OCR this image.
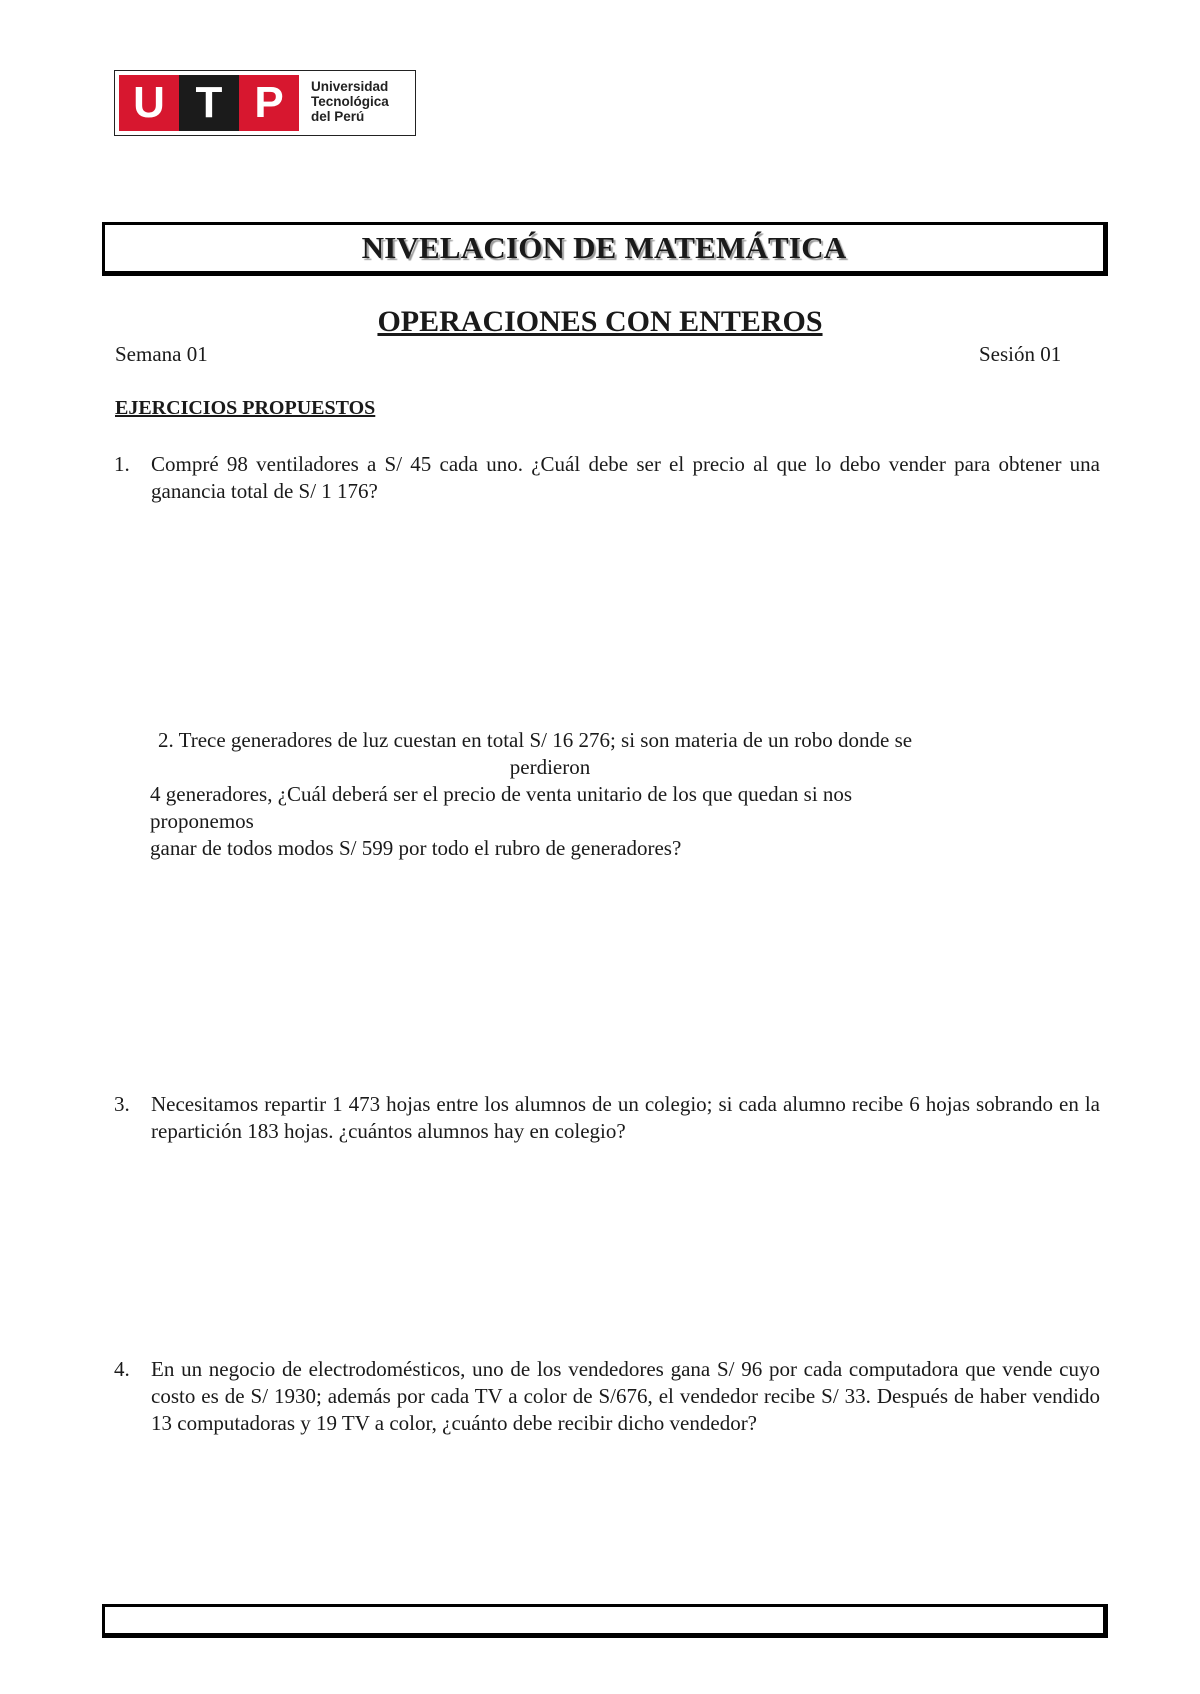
U T P	Universidad
Tecnológica
del Perú
NIVELACIÓN DE MATEMÁTICA
OPERACIONES CON ENTEROS
Semana 01	Sesión 01
EJERCICIOS PROPUESTOS
1. Compré 98 ventiladores a S/ 45 cada uno. ¿Cuál debe ser el precio al que lo debo vender para obtener una ganancia total de S/ 1 176?
2. Trece generadores de luz cuestan en total S/ 16 276; si son materia de un robo donde se
perdieron
4 generadores, ¿Cuál deberá ser el precio de venta unitario de los que quedan si nos
proponemos
ganar de todos modos S/ 599 por todo el rubro de generadores?
3. Necesitamos repartir 1 473 hojas entre los alumnos de un colegio; si cada alumno recibe 6 hojas sobrando en la repartición 183 hojas. ¿cuántos alumnos hay en colegio?
4. En un negocio de electrodomésticos, uno de los vendedores gana S/ 96 por cada computadora que vende cuyo costo es de S/ 1930; además por cada TV a color de S/676, el vendedor recibe S/ 33. Después de haber vendido 13 computadoras y 19 TV a color, ¿cuánto debe recibir dicho vendedor?
